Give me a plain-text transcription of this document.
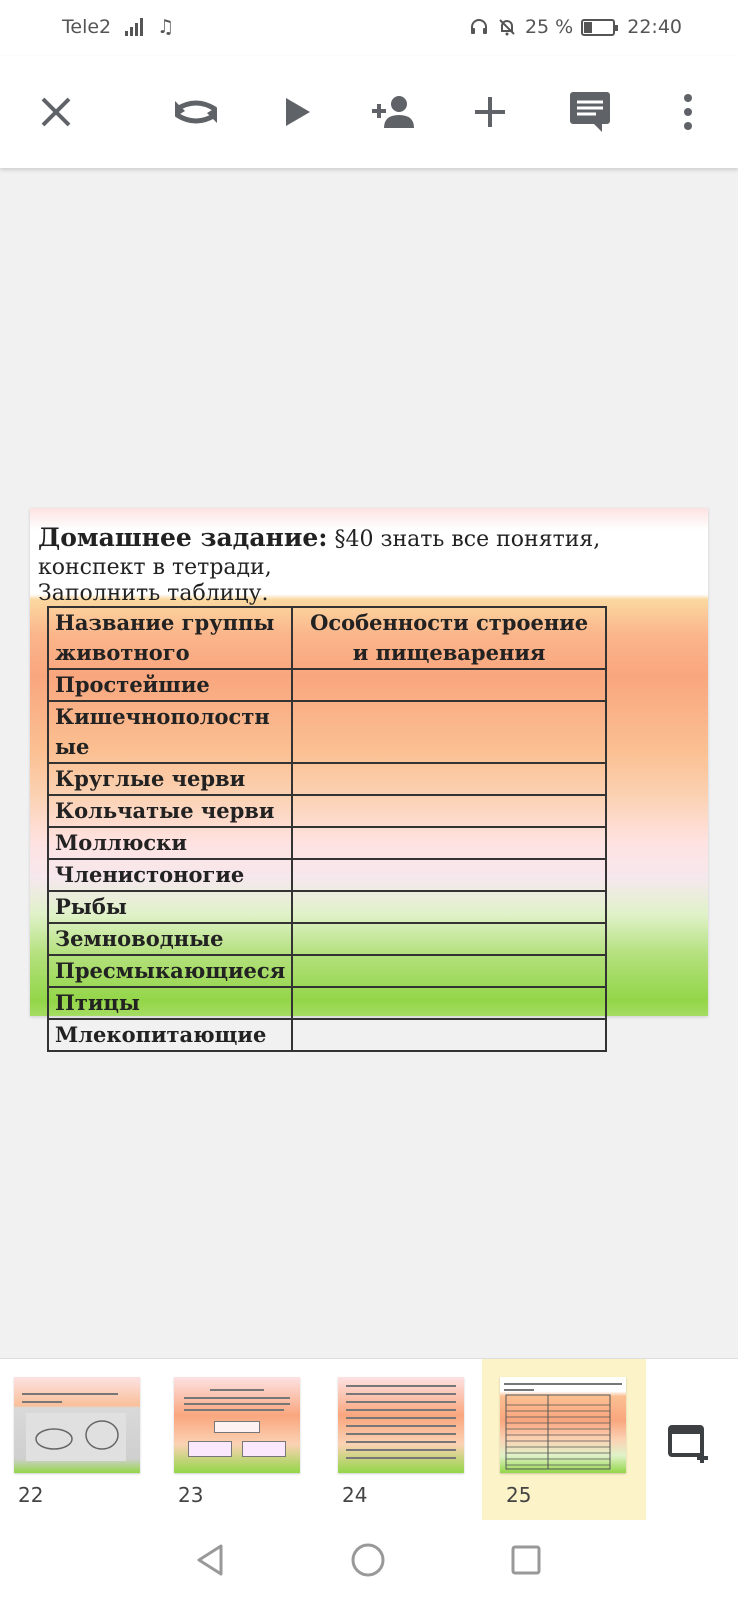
Tele2 ♫	25 %	22:40
Домашнее задание: §40 знать все понятия, конспект в тетради,
Заполнить таблицу.
Название группы животного	Особенности строение и пищеварения
Простейшие	
Кишечнополостные	
Круглые черви	
Кольчатые черви	
Моллюски	
Членистоногие	
Рыбы	
Земноводные	
Пресмыкающиеся	
Птицы	
Млекопитающие	
22	23	24	25
